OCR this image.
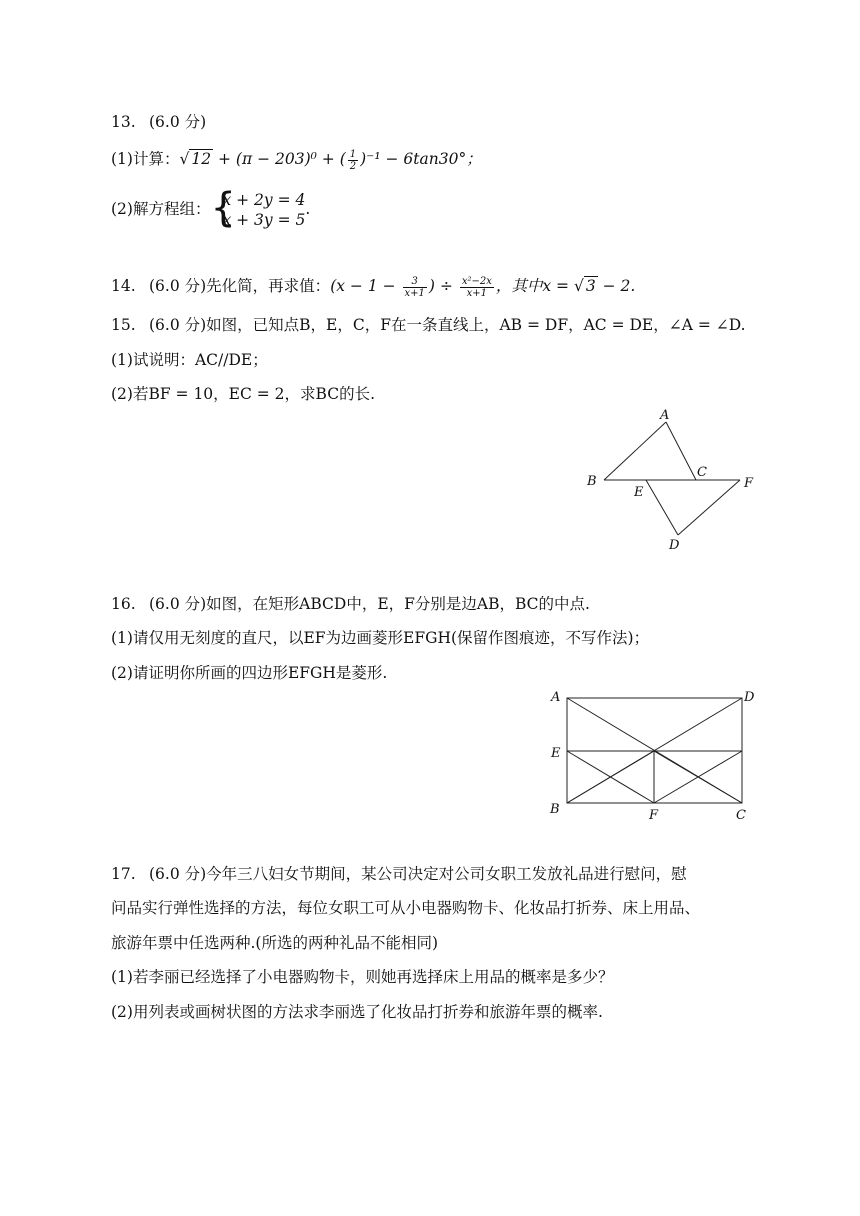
13. (6.0 分)
(1)计算：√ 12 + (π − 203)⁰ + ( $\frac{1}{2} )^{-1} - 6\tan 30^\circ$；
(2)解方程组： {
x + 2y = 4
x + 3y = 5
.
14. (6.0 分)先化简，再求值：($x - 1 - \frac{3}{x+1}$ ) ÷ $\frac{\text{x²−2x}}{x+1}$ ，其中x = √ 3 − 2.
15. (6.0 分)如图，已知点B，E，C，F在一条直线上，AB = DF，AC = DE，∠A = ∠D.
(1)试说明：AC//DE；
(2)若BF = 10，EC = 2，求BC的长.
A
B
C
E
F
D
16. (6.0 分)如图，在矩形ABCD中，E，F分别是边AB，BC的中点.
(1)请仅用无刻度的直尺，以EF为边画菱形EFGH(保留作图痕迹，不写作法)；
(2)请证明你所画的四边形EFGH是菱形.
A	D
E
B	F	C
17. (6.0 分)今年三八妇女节期间，某公司决定对公司女职工发放礼品进行慰问，慰
问品实行弹性选择的方法，每位女职工可从小电器购物卡、化妆品打折券、床上用品、
旅游年票中任选两种.(所选的两种礼品不能相同)
(1)若李丽已经选择了小电器购物卡，则她再选择床上用品的概率是多少？
(2)用列表或画树状图的方法求李丽选了化妆品打折券和旅游年票的概率.
